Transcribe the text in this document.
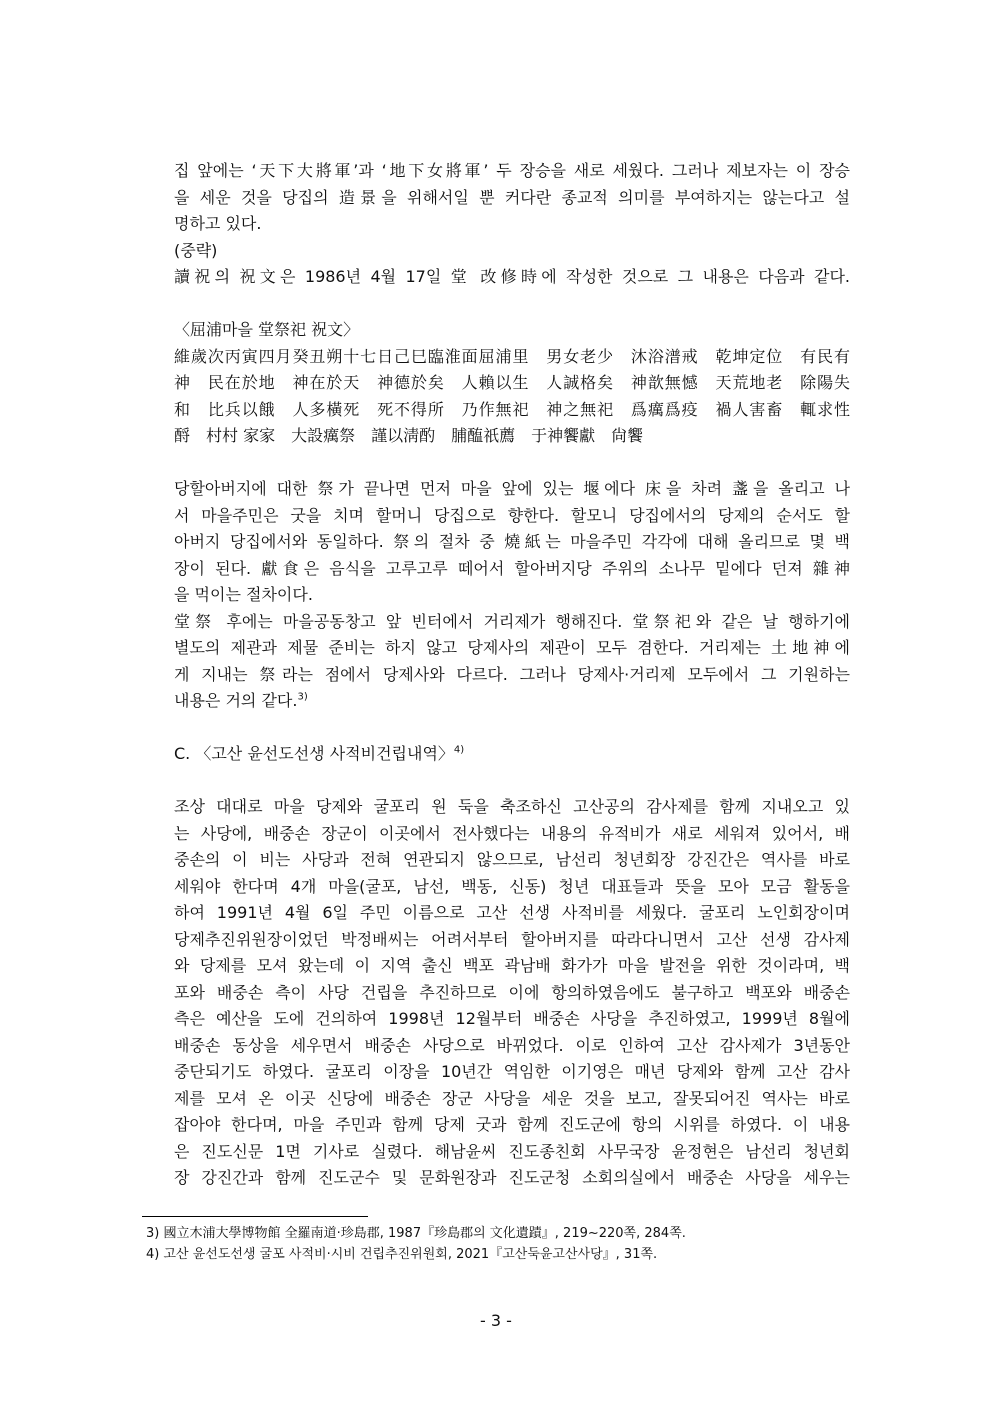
집 앞에는 ‘天下大將軍’과 ‘地下女將軍’ 두 장승을 새로 세웠다. 그러나 제보자는 이 장승
을 세운 것을 당집의 造景을 위해서일 뿐 커다란 종교적 의미를 부여하지는 않는다고 설
명하고 있다.

(중략)

讀祝의 祝文은 1986년 4월 17일 堂 改修時에 작성한 것으로 그 내용은 다음과 같다.

〈屈浦마을 堂祭祀 祝文〉

維歲次丙寅四月癸丑朔十七日己巳臨淮面屈浦里　男女老少　沐浴潽戒　乾坤定位　有民有
神　民在於地　神在於天　神德於矣　人賴以生　人誠格矣　神歆無憾　天荒地老　除陽失
和　比兵以餓　人多橫死　死不得所　乃作無祀　神之無祀　爲癘爲疫　禍人害畜　輒求性
酹　村村 家家　大設癘祭　謹以淸酌　脯醢祇薦　于神饗獻　尙饗

당할아버지에 대한 祭가 끝나면 먼저 마을 앞에 있는 堰에다 床을 차려 盞을 올리고 나
서 마을주민은 굿을 치며 할머니 당집으로 향한다. 할모니 당집에서의 당제의 순서도 할
아버지 당집에서와 동일하다. 祭의 절차 중 燒紙는 마을주민 각각에 대해 올리므로 몇 백
장이 된다. 獻食은 음식을 고루고루 떼어서 할아버지당 주위의 소나무 밑에다 던져 雜神
을 먹이는 절차이다.

堂祭 후에는 마을공동창고 앞 빈터에서 거리제가 행해진다. 堂祭祀와 같은 날 행하기에
별도의 제관과 제물 준비는 하지 않고 당제사의 제관이 모두 겸한다. 거리제는 土地神에
게 지내는 祭라는 점에서 당제사와 다르다. 그러나 당제사·거리제 모두에서 그 기원하는
내용은 거의 같다.$^{3)}$

C. 〈고산 윤선도선생 사적비건립내역〉$^{4)}$

조상 대대로 마을 당제와 굴포리 원 둑을 축조하신 고산공의 감사제를 함께 지내오고 있
는 사당에, 배중손 장군이 이곳에서 전사했다는 내용의 유적비가 새로 세워져 있어서, 배
중손의 이 비는 사당과 전혀 연관되지 않으므로, 남선리 청년회장 강진간은 역사를 바로
세워야 한다며 4개 마을(굴포, 남선, 백동, 신동) 청년 대표들과 뜻을 모아 모금 활동을
하여 1991년 4월 6일 주민 이름으로 고산 선생 사적비를 세웠다. 굴포리 노인회장이며
당제추진위원장이었던 박정배씨는 어려서부터 할아버지를 따라다니면서 고산 선생 감사제
와 당제를 모셔 왔는데 이 지역 출신 백포 곽남배 화가가 마을 발전을 위한 것이라며, 백
포와 배중손 측이 사당 건립을 추진하므로 이에 항의하였음에도 불구하고 백포와 배중손
측은 예산을 도에 건의하여 1998년 12월부터 배중손 사당을 추진하였고, 1999년 8월에
배중손 동상을 세우면서 배중손 사당으로 바뀌었다. 이로 인하여 고산 감사제가 3년동안
중단되기도 하였다. 굴포리 이장을 10년간 역임한 이기영은 매년 당제와 함께 고산 감사
제를 모셔 온 이곳 신당에 배중손 장군 사당을 세운 것을 보고, 잘못되어진 역사는 바로
잡아야 한다며, 마을 주민과 함께 당제 굿과 함께 진도군에 항의 시위를 하였다. 이 내용
은 진도신문 1면 기사로 실렸다. 해남윤씨 진도종친회 사무국장 윤정현은 남선리 청년회
장 강진간과 함께 진도군수 및 문화원장과 진도군청 소회의실에서 배중손 사당을 세우는

3) 國立木浦大學博物館 全羅南道·珍島郡, 1987『珍島郡의 文化遺蹟』, 219~220쪽, 284쪽.
4) 고산 윤선도선생 굴포 사적비·시비 건립추진위원회, 2021『고산둑윤고산사당』, 31쪽.
- 3 -
